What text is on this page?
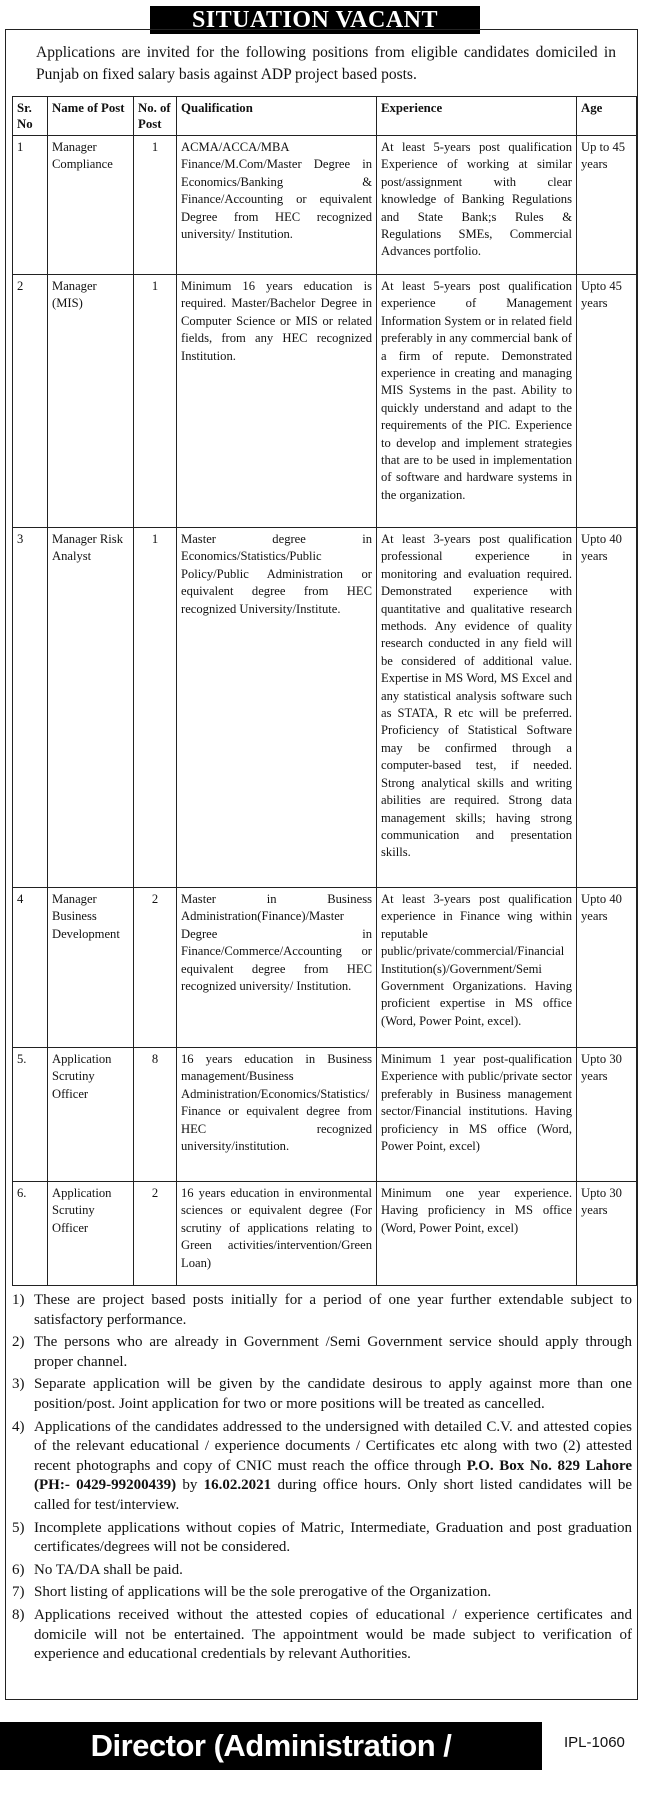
SITUATION VACANT
Applications are invited for the following positions from eligible candidates domiciled in Punjab on fixed salary basis against ADP project based posts.
Sr. No	Name of Post	No. of Post	Qualification	Experience	Age
1	Manager Compliance	1	ACMA/ACCA/MBA Finance/M.Com/Master Degree in Economics/Banking & Finance/Accounting or equivalent Degree from HEC recognized university/ Institution.	At least 5-years post qualification Experience of working at similar post/assignment with clear knowledge of Banking Regulations and State Bank;s Rules & Regulations SMEs, Commercial Advances portfolio.	Up to 45 years
2	Manager (MIS)	1	Minimum 16 years education is required. Master/Bachelor Degree in Computer Science or MIS or related fields, from any HEC recognized Institution.	At least 5-years post qualification experience of Management Information System or in related field preferably in any commercial bank of a firm of repute. Demonstrated experience in creating and managing MIS Systems in the past. Ability to quickly understand and adapt to the requirements of the PIC. Experience to develop and implement strategies that are to be used in implementation of software and hardware systems in the organization.	Upto 45 years
3	Manager Risk Analyst	1	Master degree in Economics/Statistics/Public Policy/Public Administration or equivalent degree from HEC recognized University/Institute.	At least 3-years post qualification professional experience in monitoring and evaluation required. Demonstrated experience with quantitative and qualitative research methods. Any evidence of quality research conducted in any field will be considered of additional value. Expertise in MS Word, MS Excel and any statistical analysis software such as STATA, R etc will be preferred. Proficiency of Statistical Software may be confirmed through a computer-based test, if needed. Strong analytical skills and writing abilities are required. Strong data management skills; having strong communication and presentation skills.	Upto 40 years
4	Manager Business Development	2	Master in Business Administration(Finance)/Master Degree in Finance/Commerce/Accounting or equivalent degree from HEC recognized university/ Institution.	At least 3-years post qualification experience in Finance wing within reputable public/private/commercial/Financial Institution(s)/Government/Semi Government Organizations. Having proficient expertise in MS office (Word, Power Point, excel).	Upto 40 years
5.	Application Scrutiny Officer	8	16 years education in Business management/Business Administration/Economics/Statistics/ Finance or equivalent degree from HEC recognized university/institution.	Minimum 1 year post-qualification Experience with public/private sector preferably in Business management sector/Financial institutions. Having proficiency in MS office (Word, Power Point, excel)	Upto 30 years
6.	Application Scrutiny Officer	2	16 years education in environmental sciences or equivalent degree (For scrutiny of applications relating to Green activities/intervention/Green Loan)	Minimum one year experience. Having proficiency in MS office (Word, Power Point, excel)	Upto 30 years
1) These are project based posts initially for a period of one year further extendable subject to satisfactory performance.
2) The persons who are already in Government /Semi Government service should apply through proper channel.
3) Separate application will be given by the candidate desirous to apply against more than one position/post. Joint application for two or more positions will be treated as cancelled.
4) Applications of the candidates addressed to the undersigned with detailed C.V. and attested copies of the relevant educational / experience documents / Certificates etc along with two (2) attested recent photographs and copy of CNIC must reach the office through P.O. Box No. 829 Lahore (PH:- 0429-99200439) by 16.02.2021 during office hours. Only short listed candidates will be called for test/interview.
5) Incomplete applications without copies of Matric, Intermediate, Graduation and post graduation certificates/degrees will not be considered.
6) No TA/DA shall be paid.
7) Short listing of applications will be the sole prerogative of the Organization.
8) Applications received without the attested copies of educational / experience certificates and domicile will not be entertained. The appointment would be made subject to verification of experience and educational credentials by relevant Authorities.
Director (Administration / Coordination)
IPL-1060
